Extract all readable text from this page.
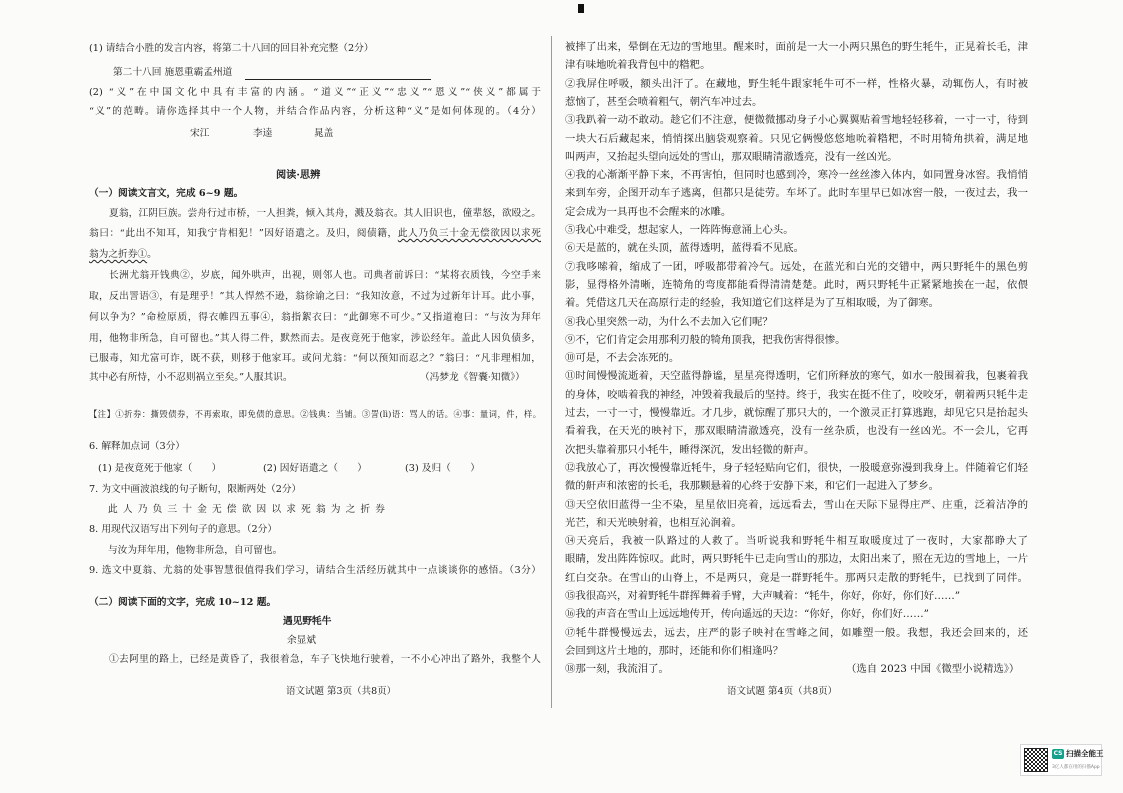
(1) 请结合小胜的发言内容，将第二十八回的回目补充完整（2分）
第二十八回 施恩重霸孟州道
(2) “义”在中国文化中具有丰富的内涵。“道义”“正义”“忠义”“恩义”“侠义”都属于
“义”的范畴。请你选择其中一个人物，并结合作品内容，分析这种“义”是如何体现的。（4分）
宋江	李逵	晁盖
阅读·思辨
（一）阅读文言文，完成 6~9 题。
夏翁，江阴巨族。尝舟行过市桥，一人担粪，倾入其舟，溅及翁衣。其人旧识也，僮辈怒，欲殴之。
翁曰：“此出不知耳，知我宁肯相犯！”因好语遣之。及归，阅债籍，此人乃负三十金无偿欲因以求死
翁为之折券①。
长洲尤翁开钱典②，岁底，闻外哄声，出视，则邻人也。司典者前诉曰：“某将衣质钱，今空手来
取，反出詈语③，有是理乎！”其人悍然不逊，翁徐谕之曰：“我知汝意，不过为过新年计耳。此小事，
何以争为？”命检原质，得衣帷四五事④，翁指絮衣曰：“此御寒不可少。”又指道袍曰：“与汝为拜年
用，他物非所急，自可留也。”其人得二件，默然而去。是夜竟死于他家，涉讼经年。盖此人因负债多，
已服毒，知尤富可诈，既不获，则移于他家耳。或问尤翁：“何以预知而忍之？”翁曰：“凡非理相加，
其中必有所恃，小不忍则祸立至矣。”人服其识。	（冯梦龙《智囊·知微》）
【注】①折券：撕毁债券，不再索取，即免债的意思。②钱典：当铺。③詈(lì)语：骂人的话。④事：量词，件，样。
6. 解释加点词（3分）
(1) 是夜竟死于他家（　　）	(2) 因好语遣之（　　）	(3) 及归（　　）
7. 为文中画波浪线的句子断句，限断两处（2分）
此 人 乃 负 三 十 金 无 偿 欲 因 以 求 死 翁 为 之 折 券
8. 用现代汉语写出下列句子的意思。（2分）
与汝为拜年用，他物非所急，自可留也。
9. 选文中夏翁、尤翁的处事智慧很值得我们学习，请结合生活经历就其中一点谈谈你的感悟。（3分）
（二）阅读下面的文字，完成 10~12 题。
遇见野牦牛
余显斌
①去阿里的路上，已经是黄昏了，我很着急，车子飞快地行驶着，一不小心冲出了路外，我整个人
语文试题 第3页（共8页）
被摔了出来，晕倒在无边的雪地里。醒来时，面前是一大一小两只黑色的野生牦牛，正晃着长毛，津
津有味地吮着我背包中的糌粑。
②我屏住呼吸，额头出汗了。在藏地，野生牦牛跟家牦牛可不一样，性格火暴，动辄伤人，有时被
惹恼了，甚至会喷着粗气，朝汽车冲过去。
③我趴着一动不敢动。趁它们不注意，便微微挪动身子小心翼翼贴着雪地轻轻移着，一寸一寸，待到
一块大石后藏起来，悄悄探出脑袋观察着。只见它俩慢悠悠地吮着糌粑，不时用犄角拱着，满足地
叫两声，又抬起头望向远处的雪山，那双眼睛清澈透亮，没有一丝凶光。
④我的心渐渐平静下来，不再害怕，但同时也感到冷，寒冷一丝丝渗入体内，如同置身冰窖。我悄悄
来到车旁，企图开动车子逃离，但都只是徒劳。车坏了。此时车里早已如冰窖一般，一夜过去，我一
定会成为一具再也不会醒来的冰雕。
⑤我心中难受，想起家人，一阵阵悔意涌上心头。
⑥天是蓝的，就在头顶，蓝得透明，蓝得看不见底。
⑦我哆嗦着，缩成了一团，呼吸都带着冷气。远处，在蓝光和白光的交错中，两只野牦牛的黑色剪
影，显得格外清晰，连犄角的弯度都能看得清清楚楚。此时，两只野牦牛正紧紧地挨在一起，依偎
着。凭借这几天在高原行走的经验，我知道它们这样是为了互相取暖，为了御寒。
⑧我心里突然一动，为什么不去加入它们呢？
⑨不，它们肯定会用那利刃般的犄角顶我，把我伤害得很惨。
⑩可是，不去会冻死的。
⑪时间慢慢流逝着，天空蓝得静谧，星星亮得透明，它们所释放的寒气，如水一般围着我，包裹着我
的身体，咬啮着我的神经，冲毁着我最后的坚持。终于，我实在挺不住了，咬咬牙，朝着两只牦牛走
过去，一寸一寸，慢慢靠近。才几步，就惊醒了那只大的，一个激灵正打算逃跑，却见它只是抬起头
看着我，在天光的映衬下，那双眼睛清澈透亮，没有一丝杂质，也没有一丝凶光。不一会儿，它再
次把头靠着那只小牦牛，睡得深沉，发出轻微的鼾声。
⑫我放心了，再次慢慢靠近牦牛，身子轻轻贴向它们，很快，一股暖意弥漫到我身上。伴随着它们轻
微的鼾声和浓密的长毛，我那颗悬着的心终于安静下来，和它们一起进入了梦乡。
⑬天空依旧蓝得一尘不染，星星依旧亮着，远远看去，雪山在天际下显得庄严、庄重，泛着洁净的
光芒，和天光映射着，也相互沁润着。
⑭天亮后，我被一队路过的人救了。当听说我和野牦牛相互取暖度过了一夜时，大家都睁大了
眼睛，发出阵阵惊叹。此时，两只野牦牛已走向雪山的那边，太阳出来了，照在无边的雪地上，一片
红白交杂。在雪山的山脊上，不是两只，竟是一群野牦牛。那两只走散的野牦牛，已找到了同伴。
⑮我很高兴，对着野牦牛群挥舞着手臂，大声喊着：“牦牛，你好，你好，你们好……”
⑯我的声音在雪山上远远地传开，传向遥远的天边：“你好，你好，你们好……”
⑰牦牛群慢慢远去，远去，庄严的影子映衬在雪峰之间，如雕塑一般。我想，我还会回来的，还
会回到这片土地的，那时，还能和你们相逢吗？
⑱那一刻，我流泪了。	（选自 2023 中国《微型小说精选》）
语文试题 第4页（共8页）
CS 扫描全能王
3亿人都在用的扫描App
